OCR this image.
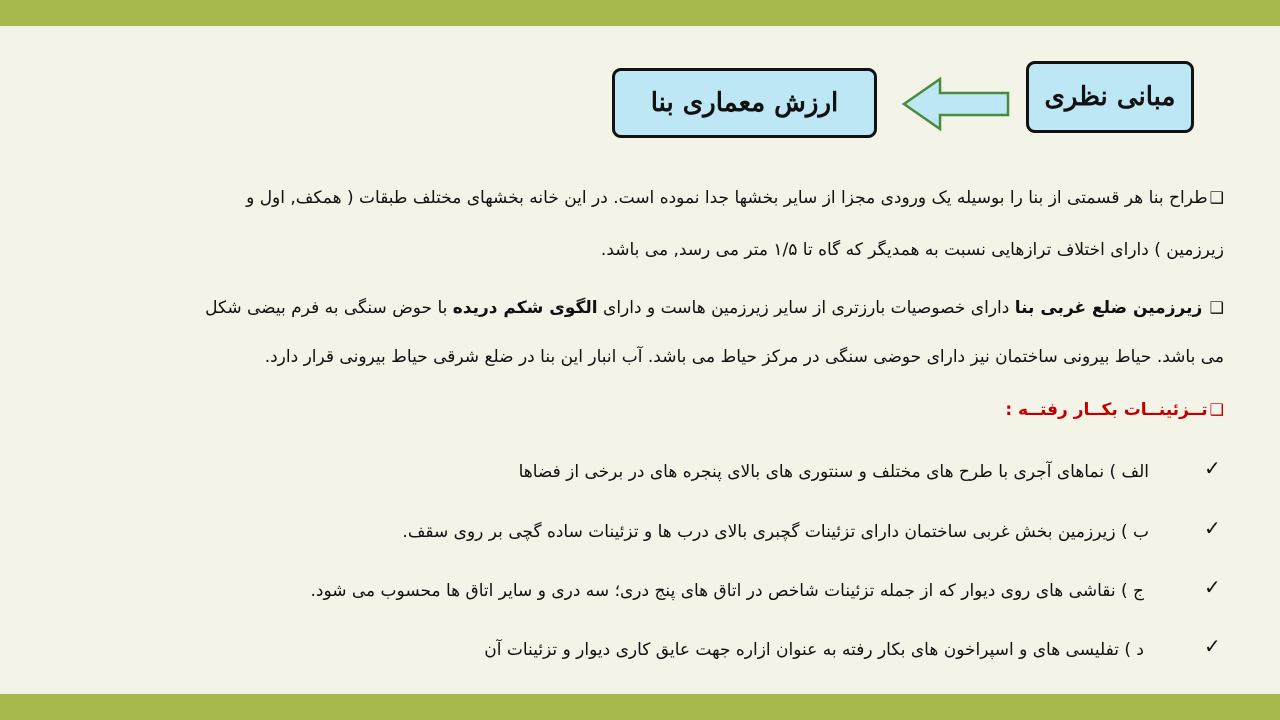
مبانی نظری
ارزش معماری بنا
❑طراح بنا هر قسمتی از بنا را بوسیله یک ورودی مجزا از سایر بخشها جدا نموده است. در این خانه بخشهای مختلف طبقات ( همکف, اول و
زیرزمین ) دارای اختلاف ترازهایی نسبت به همدیگر که گاه تا ۱/۵ متر می رسد, می باشد.
❑ زیرزمین ضلع غربی بنا دارای خصوصیات بارزتری از سایر زیرزمین هاست و دارای الگوی شکم دریده با حوض سنگی به فرم بیضی شکل
می باشد. حیاط بیرونی ساختمان نیز دارای حوضی سنگی در مرکز حیاط می باشد. آب انبار این بنا در ضلع شرقی حیاط بیرونی قرار دارد.
❑تــزئینــات بکــار رفتــه :
✓
الف ) نماهای آجری با طرح های مختلف و سنتوری های بالای پنجره های در برخی از فضاها
✓
ب ) زیرزمین بخش غربی ساختمان دارای تزئینات گچبری بالای درب ها و تزئینات ساده گچی بر روی سقف.
✓
ج ) نقاشی های روی دیوار که از جمله تزئینات شاخص در اتاق های پنج دری؛ سه دری و سایر اتاق ها محسوب می شود.
✓
د ) تفلیسی های و اسپراخون های بکار رفته به عنوان ازاره جهت عایق کاری دیوار و تزئینات آن
